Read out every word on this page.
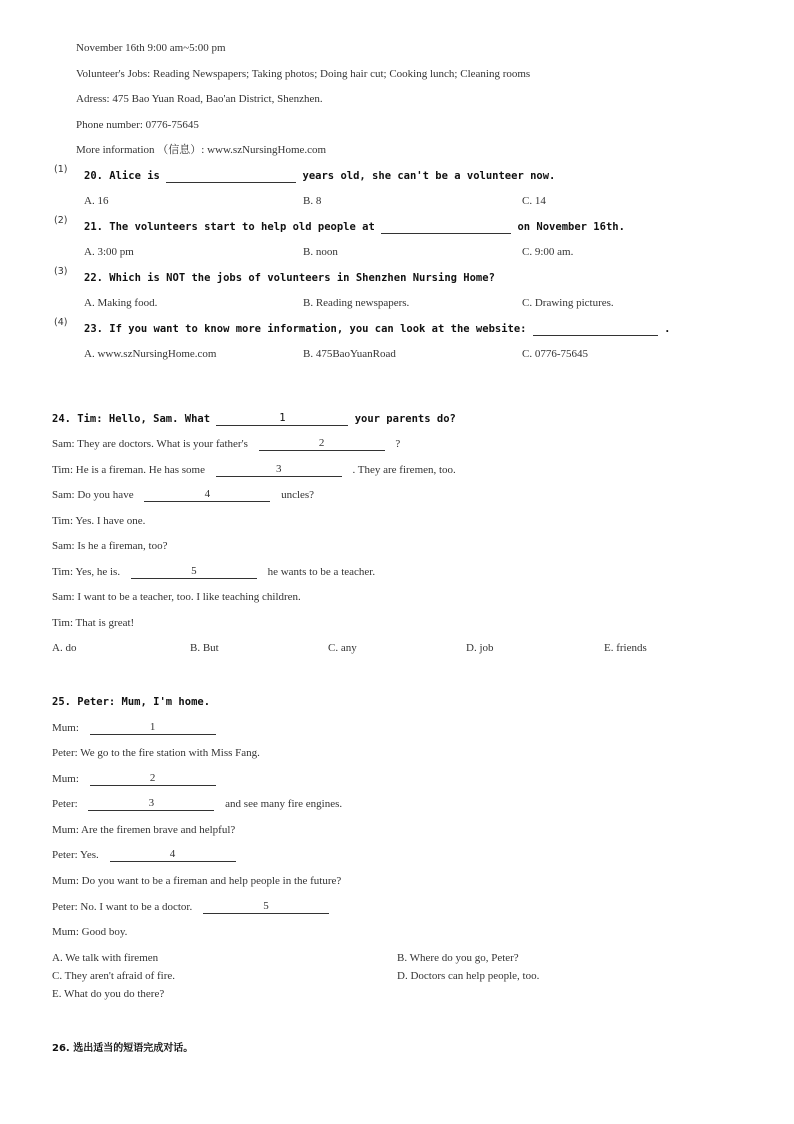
November 16th 9:00 am~5:00 pm
Volunteer's Jobs: Reading Newspapers; Taking photos; Doing hair cut; Cooking lunch; Cleaning rooms
Adress: 475 Bao Yuan Road, Bao'an District, Shenzhen.
Phone number: 0776-75645
More information （信息）: www.szNursingHome.com
(1)
20. Alice is	years old, she can't be a volunteer now.
A. 16	B. 8	C. 14
(2)
21. The volunteers start to help old people at	on November 16th.
A. 3:00 pm	B. noon	C. 9:00 am.
(3)
22. Which is NOT the jobs of volunteers in Shenzhen Nursing Home?
A. Making food.	B. Reading newspapers.	C. Drawing pictures.
(4)
23. If you want to know more information, you can look at the website:	.
A. www.szNursingHome.com	B. 475BaoYuanRoad	C. 0776-75645
24. Tim: Hello, Sam. What	1	your parents do?
Sam: They are doctors. What is your father's	2	?
Tim: He is a fireman. He has some	3	. They are firemen, too.
Sam: Do you have	4	uncles?
Tim: Yes. I have one.
Sam: Is he a fireman, too?
Tim: Yes, he is.	5	he wants to be a teacher.
Sam: I want to be a teacher, too. I like teaching children.
Tim: That is great!
A. do	B. But	C. any	D. job	E. friends
25. Peter: Mum, I'm home.
Mum:	1
Peter: We go to the fire station with Miss Fang.
Mum:	2
Peter:	3	and see many fire engines.
Mum: Are the firemen brave and helpful?
Peter: Yes.	4
Mum: Do you want to be a fireman and help people in the future?
Peter: No. I want to be a doctor.	5
Mum: Good boy.
A. We talk with firemen	B. Where do you go, Peter?
C. They aren't afraid of fire.	D. Doctors can help people, too.
E. What do you do there?
26. 选出适当的短语完成对话。
